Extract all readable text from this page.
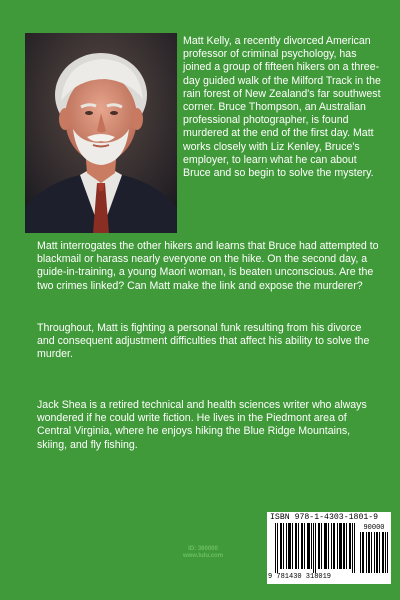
Matt Kelly, a recently divorced American professor of criminal psychology, has joined a group of fifteen hikers on a three-day guided walk of the Milford Track in the rain forest of New Zealand's far southwest corner. Bruce Thompson, an Australian professional photographer, is found murdered at the end of the first day. Matt works closely with Liz Kenley, Bruce's employer, to learn what he can about Bruce and so begin to solve the mystery.

Matt interrogates the other hikers and learns that Bruce had attempted to blackmail or harass nearly everyone on the hike. On the second day, a guide-in-training, a young Maori woman, is beaten unconscious. Are the two crimes linked? Can Matt make the link and expose the murderer?

Throughout, Matt is fighting a personal funk resulting from his divorce and consequent adjustment difficulties that affect his ability to solve the murder.

Jack Shea is a retired technical and health sciences writer who always wondered if he could write fiction. He lives in the Piedmont area of Central Virginia, where he enjoys hiking the Blue Ridge Mountains, skiing, and fly fishing.

ID: 360000
www.lulu.com
ISBN 978-1-4303-1801-9
90000
9 781430 318019
